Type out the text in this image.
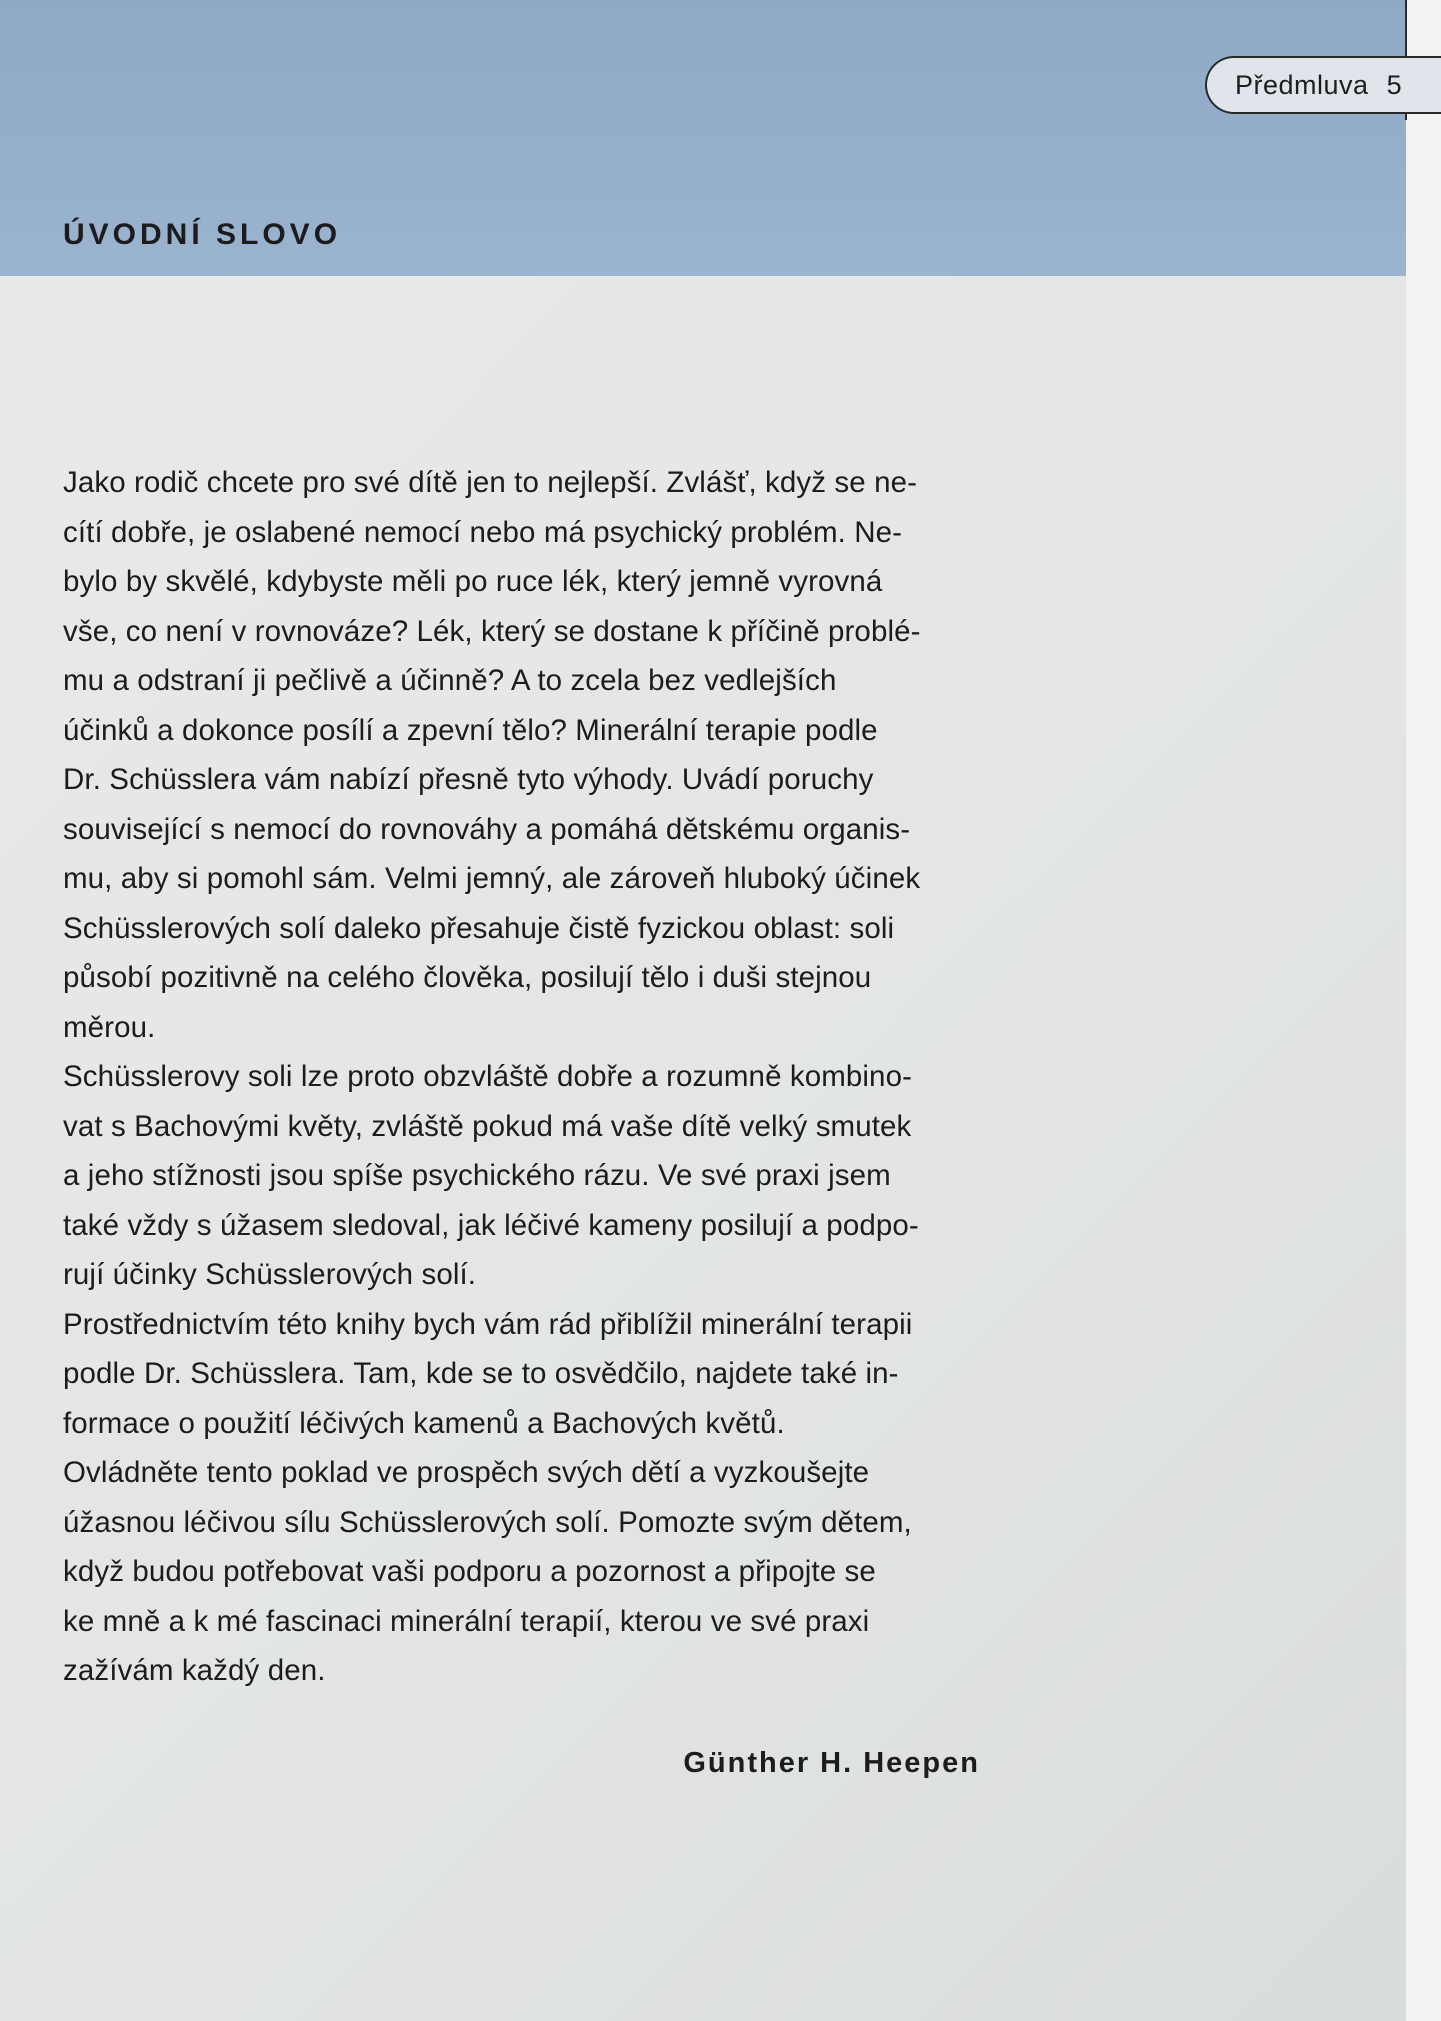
Předmluva 5
ÚVODNÍ SLOVO
Jako rodič chcete pro své dítě jen to nejlepší. Zvlášť, když se ne-
cítí dobře, je oslabené nemocí nebo má psychický problém. Ne-
bylo by skvělé, kdybyste měli po ruce lék, který jemně vyrovná
vše, co není v rovnováze? Lék, který se dostane k příčině problé-
mu a odstraní ji pečlivě a účinně? A to zcela bez vedlejších
účinků a dokonce posílí a zpevní tělo? Minerální terapie podle
Dr. Schüsslera vám nabízí přesně tyto výhody. Uvádí poruchy
související s nemocí do rovnováhy a pomáhá dětskému organis-
mu, aby si pomohl sám. Velmi jemný, ale zároveň hluboký účinek
Schüsslerových solí daleko přesahuje čistě fyzickou oblast: soli
působí pozitivně na celého člověka, posilují tělo i duši stejnou
měrou.
Schüsslerovy soli lze proto obzvláště dobře a rozumně kombino-
vat s Bachovými květy, zvláště pokud má vaše dítě velký smutek
a jeho stížnosti jsou spíše psychického rázu. Ve své praxi jsem
také vždy s úžasem sledoval, jak léčivé kameny posilují a podpo-
rují účinky Schüsslerových solí.
Prostřednictvím této knihy bych vám rád přiblížil minerální terapii
podle Dr. Schüsslera. Tam, kde se to osvědčilo, najdete také in-
formace o použití léčivých kamenů a Bachových květů.
Ovládněte tento poklad ve prospěch svých dětí a vyzkoušejte
úžasnou léčivou sílu Schüsslerových solí. Pomozte svým dětem,
když budou potřebovat vaši podporu a pozornost a připojte se
ke mně a k mé fascinaci minerální terapií, kterou ve své praxi
zažívám každý den.
Günther H. Heepen
